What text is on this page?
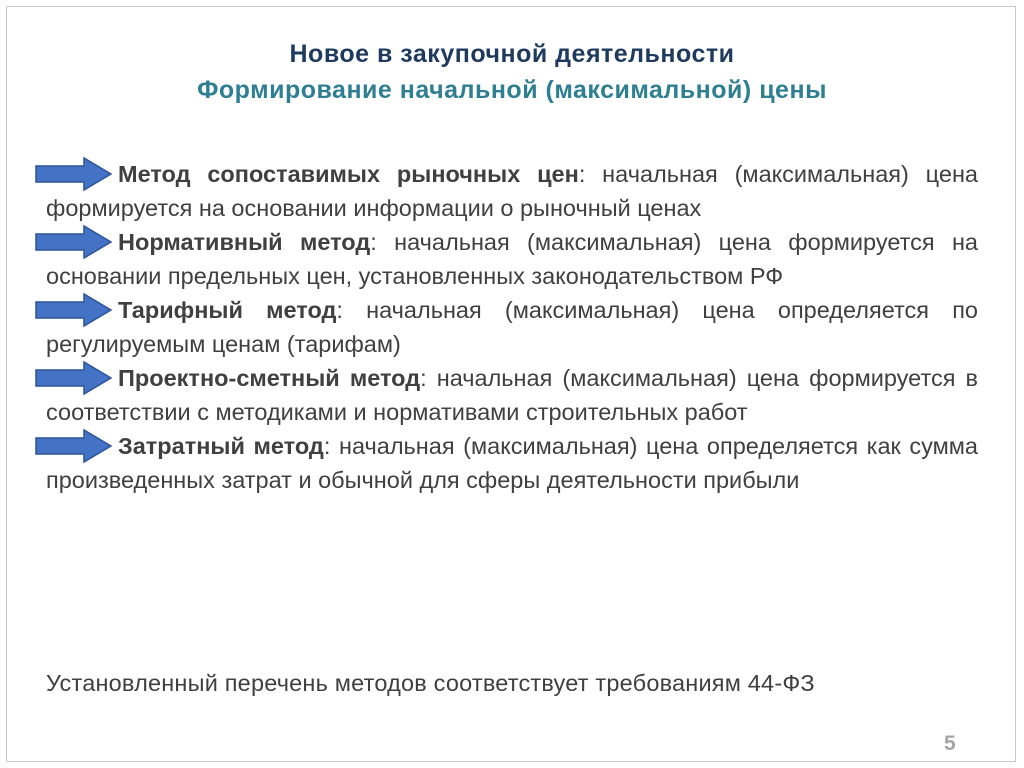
Новое в закупочной деятельности
Формирование начальной (максимальной) цены

Метод сопоставимых рыночных цен: начальная (максимальная) цена формируется на основании информации о рыночный ценах

Нормативный метод: начальная (максимальная) цена формируется на основании предельных цен, установленных законодательством РФ

Тарифный метод: начальная (максимальная) цена определяется по регулируемым ценам (тарифам)

Проектно-сметный метод: начальная (максимальная) цена формируется в соответствии с методиками и нормативами строительных работ

Затратный метод: начальная (максимальная) цена определяется как сумма произведенных затрат и обычной для сферы деятельности прибыли

Установленный перечень методов соответствует требованиям 44-ФЗ
5
